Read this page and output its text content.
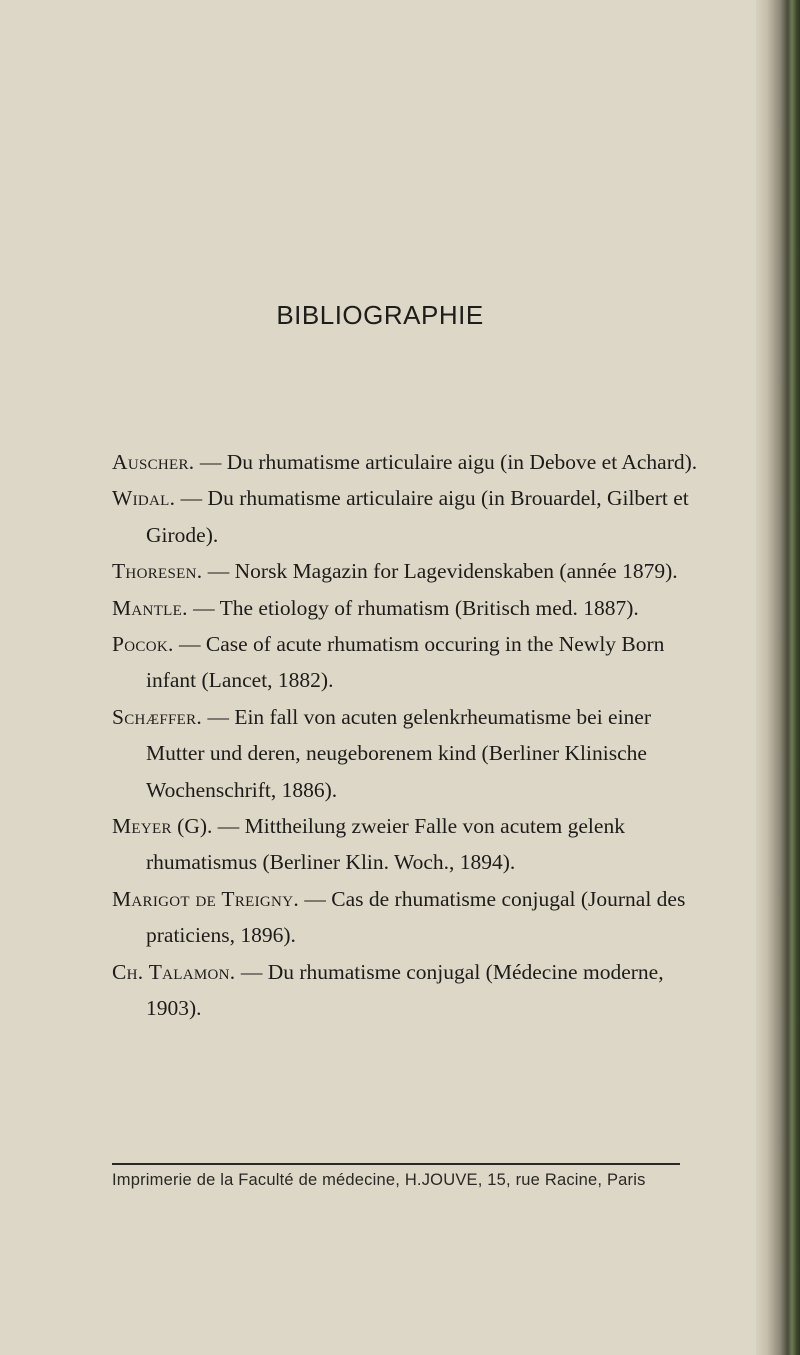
BIBLIOGRAPHIE
Auscher. — Du rhumatisme articulaire aigu (in Debove et Achard).
Widal. — Du rhumatisme articulaire aigu (in Brouardel, Gilbert et Girode).
Thoresen. — Norsk Magazin for Lagevidenskaben (année 1879).
Mantle. — The etiology of rhumatism (Britisch med. 1887).
Pocok. — Case of acute rhumatism occuring in the Newly Born infant (Lancet, 1882).
Schæffer. — Ein fall von acuten gelenkrheumatisme bei einer Mutter und deren, neugeborenem kind (Berliner Klinische Wochenschrift, 1886).
Meyer (G). — Mittheilung zweier Falle von acutem gelenk rhumatismus (Berliner Klin. Woch., 1894).
Marigot de Treigny. — Cas de rhumatisme conjugal (Journal des praticiens, 1896).
Ch. Talamon. — Du rhumatisme conjugal (Médecine moderne, 1903).
Imprimerie de la Faculté de médecine, H.JOUVE, 15, rue Racine, Paris
